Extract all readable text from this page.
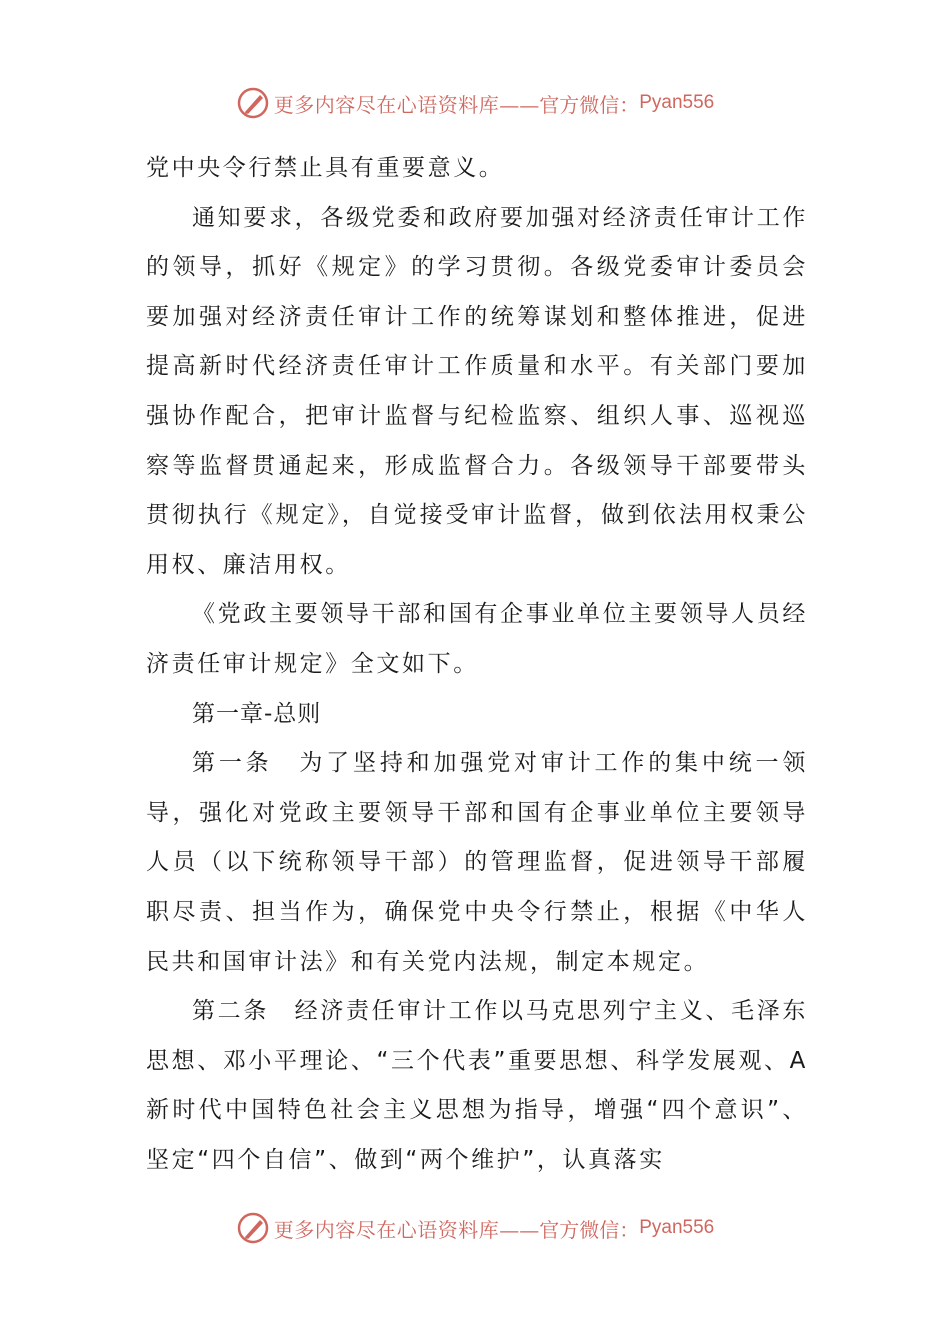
更多内容尽在心语资料库 ——官方微信： Pyan556

党中央令行禁止具有重要意义。

通知要求，各级党委和政府要加强对经济责任审计工作的领导，抓好《规定》的学习贯彻。各级党委审计委员会要加强对经济责任审计工作的统筹谋划和整体推进，促进提高新时代经济责任审计工作质量和水平。有关部门要加强协作配合，把审计监督与纪检监察、组织人事、巡视巡察等监督贯通起来，形成监督合力。各级领导干部要带头贯彻执行《规定》，自觉接受审计监督，做到依法用权秉公用权、廉洁用权。

《党政主要领导干部和国有企事业单位主要领导人员经济责任审计规定》全文如下。

第一章-总则

第一条　为了坚持和加强党对审计工作的集中统一领导，强化对党政主要领导干部和国有企事业单位主要领导人员（以下统称领导干部）的管理监督，促进领导干部履职尽责、担当作为，确保党中央令行禁止，根据《中华人民共和国审计法》和有关党内法规，制定本规定。

第二条　经济责任审计工作以马克思列宁主义、毛泽东思想、邓小平理论、“三个代表”重要思想、科学发展观、A新时代中国特色社会主义思想为指导，增强“四个意识”、坚定“四个自信”、做到“两个维护”，认真落实

更多内容尽在心语资料库 ——官方微信： Pyan556
